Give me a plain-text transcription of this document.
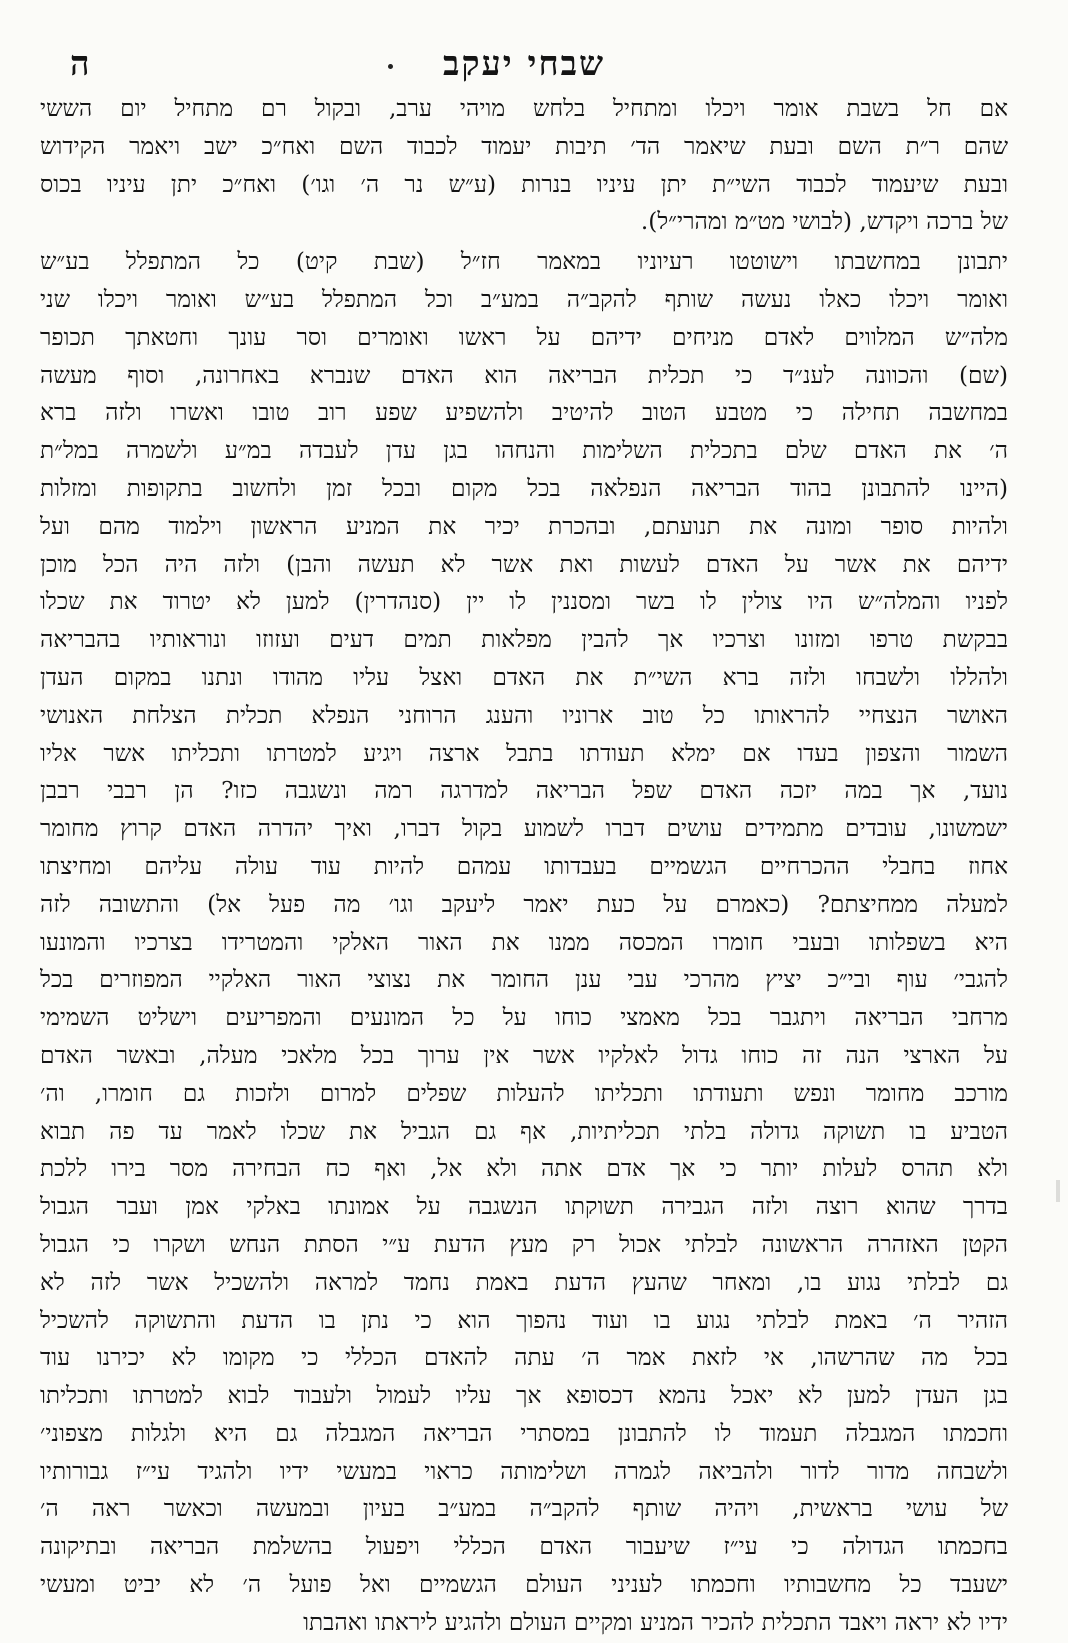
שבחי יעקב
ה
אם חל בשבת אומר ויכלו ומתחיל בלחש מויהי ערב, ובקול רם מתחיל יום הששי
שהם ר״ת השם ובעת שיאמר הד׳ תיבות יעמוד לכבוד השם ואח״כ ישב ויאמר הקידוש
ובעת שיעמוד לכבוד השי״ת יתן עיניו בנרות (ע״ש נר ה׳ וגו׳) ואח״כ יתן עיניו בכוס
של ברכה ויקדש, (לבושי מט״מ ומהרי״ל).
יתבונן במחשבתו וישוטטו רעיוניו במאמר חז״ל (שבת קיט) כל המתפלל בע״ש
ואומר ויכלו כאלו נעשה שותף להקב״ה במע״ב וכל המתפלל בע״ש ואומר ויכלו שני
מלה״ש המלווים לאדם מניחים ידיהם על ראשו ואומרים וסר עונך וחטאתך תכופר
(שם) והכוונה לענ״ד כי תכלית הבריאה הוא האדם שנברא באחרונה, וסוף מעשה
במחשבה תחילה כי מטבע הטוב להיטיב ולהשפיע שפע רוב טובו ואשרו ולזה ברא
ה׳ את האדם שלם בתכלית השלימות והנחהו בגן עדן לעבדה במ״ע ולשמרה במל״ת
(היינו להתבונן בהוד הבריאה הנפלאה בכל מקום ובכל זמן ולחשוב בתקופות ומזלות
ולהיות סופר ומונה את תנועתם, ובהכרת יכיר את המניע הראשון וילמוד מהם ועל
ידיהם את אשר על האדם לעשות ואת אשר לא תעשה והבן) ולזה היה הכל מוכן
לפניו והמלה״ש היו צולין לו בשר ומסננין לו יין (סנהדרין) למען לא יטרוד את שכלו
בבקשת טרפו ומזונו וצרכיו אך להבין מפלאות תמים דעים ועזוזו ונוראותיו בהבריאה
ולהללו ולשבחו ולזה ברא השי״ת את האדם ואצל עליו מהודו ונתנו במקום העדן
האושר הנצחיי להראותו כל טוב ארוניו והענג הרוחני הנפלא תכלית הצלחת האנושי
השמור והצפון בעדו אם ימלא תעודתו בתבל ארצה ויגיע למטרתו ותכליתו אשר אליו
נועד, אך במה יזכה האדם שפל הבריאה למדרגה רמה ונשגבה כזו? הן רבבי רבבן
ישמשונו, עובדים מתמידים עושים דברו לשמוע בקול דברו, ואיך יהדרה האדם קרוץ מחומר
אחוז בחבלי ההכרחיים הגשמיים בעבדותו עמהם להיות עוד עולה עליהם ומחיצתו
למעלה ממחיצתם? (כאמרם על כעת יאמר ליעקב וגו׳ מה פעל אל) והתשובה לזה
היא בשפלותו ובעבי חומרו המכסה ממנו את האור האלקי והמטרידו בצרכיו והמונעו
להגבי׳ עוף ובי״כ יציץ מהרכי עבי ענן החומר את נצוצי האור האלקיי המפוזרים בכל
מרחבי הבריאה ויתגבר בכל מאמצי כוחו על כל המונעים והמפריעים וישליט השמימי
על הארצי הנה זה כוחו גדול לאלקיו אשר אין ערוך בכל מלאכי מעלה, ובאשר האדם
מורכב מחומר ונפש ותעודתו ותכליתו להעלות שפלים למרום ולזכות גם חומרו, וה׳
הטביע בו תשוקה גדולה בלתי תכליתיות, אף גם הגביל את שכלו לאמר עד פה תבוא
ולא תהרס לעלות יותר כי אך אדם אתה ולא אל, ואף כח הבחירה מסר בירו ללכת
בדרך שהוא רוצה ולזה הגבירה תשוקתו הנשגבה על אמונתו באלקי אמן ועבר הגבול
הקטן האזהרה הראשונה לבלתי אכול רק מעץ הדעת ע״י הסתת הנחש ושקרו כי הגבול
גם לבלתי נגוע בו, ומאחר שהעץ הדעת באמת נחמד למראה ולהשכיל אשר לזה לא
הזהיר ה׳ באמת לבלתי נגוע בו ועוד נהפוך הוא כי נתן בו הדעת והתשוקה להשכיל
בכל מה שהרשהו, אי לזאת אמר ה׳ עתה להאדם הכללי כי מקומו לא יכירנו עוד
בגן העדן למען לא יאכל נהמא דכסופא אך עליו לעמול ולעבוד לבוא למטרתו ותכליתו
וחכמתו המגבלה תעמוד לו להתבונן במסתרי הבריאה המגבלה גם היא ולגלות מצפוני׳
ולשבחה מדור לדור ולהביאה לגמרה ושלימותה כראוי במעשי ידיו ולהגיד עי״ז גבורותיו
של עושי בראשית, ויהיה שותף להקב״ה במע״ב בעיון ובמעשה וכאשר ראה ה׳
בחכמתו הגדולה כי עי״ז שיעבור האדם הכללי ויפעול בהשלמת הבריאה ובתיקונה
ישעבד כל מחשבותיו וחכמתו לעניני העולם הגשמיים ואל פועל ה׳ לא יביט ומעשי
ידיו לא יראה ויאבד התכלית להכיר המניע ומקיים העולם ולהגיע ליראתו ואהבתו
